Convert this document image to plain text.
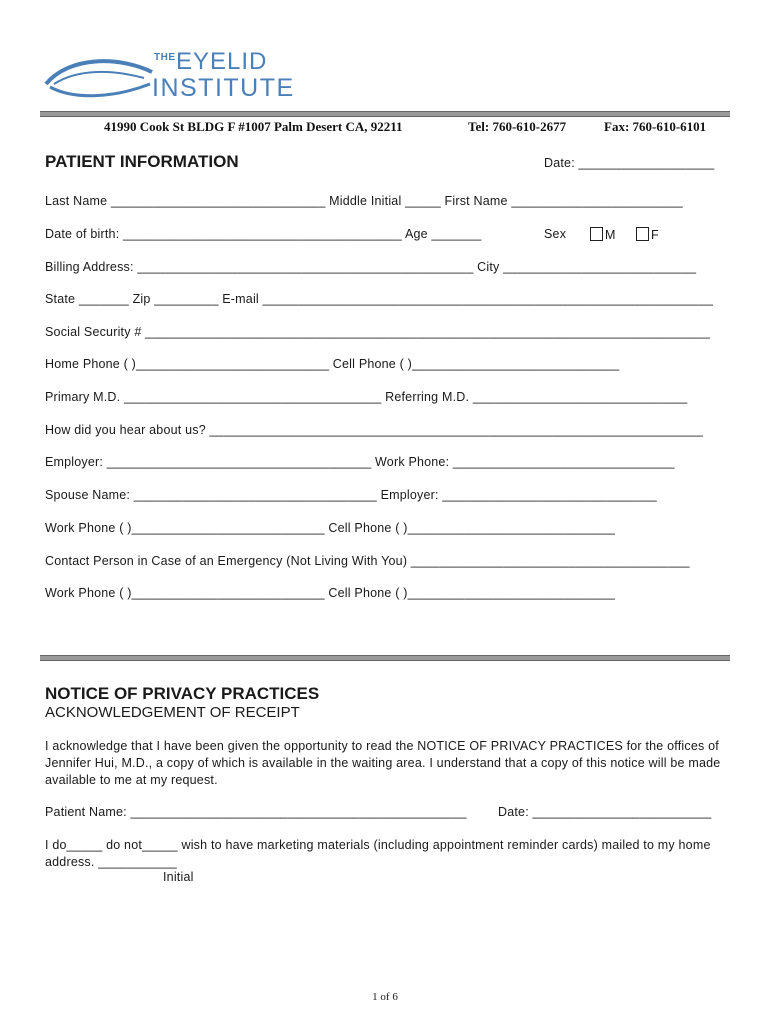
THE EYELID
INSTITUTE
41990 Cook St BLDG F #1007 Palm Desert CA, 92211	Tel: 760-610-2677	Fax: 760-610-6101
PATIENT INFORMATION	Date: ___________________
Last Name ______________________________ Middle Initial _____ First Name ________________________
Date of birth: _______________________________________ Age _______	Sex	M	F
Billing Address: _______________________________________________ City ___________________________
State _______ Zip _________ E-mail _______________________________________________________________
Social Security # _______________________________________________________________________________
Home Phone ( )___________________________ Cell Phone ( )_____________________________
Primary M.D. ____________________________________ Referring M.D. ______________________________
How did you hear about us? _____________________________________________________________________
Employer: _____________________________________ Work Phone: _______________________________
Spouse Name: __________________________________ Employer: ______________________________
Work Phone ( )___________________________ Cell Phone ( )_____________________________
Contact Person in Case of an Emergency (Not Living With You) _______________________________________
Work Phone ( )___________________________ Cell Phone ( )_____________________________
NOTICE OF PRIVACY PRACTICES
ACKNOWLEDGEMENT OF RECEIPT
I acknowledge that I have been given the opportunity to read the NOTICE OF PRIVACY PRACTICES for the offices of Jennifer Hui, M.D., a copy of which is available in the waiting area. I understand that a copy of this notice will be made available to me at my request.
Patient Name: _______________________________________________	Date: _________________________
I do_____ do not_____ wish to have marketing materials (including appointment reminder cards) mailed to my home address. ___________
Initial
1 of 6
